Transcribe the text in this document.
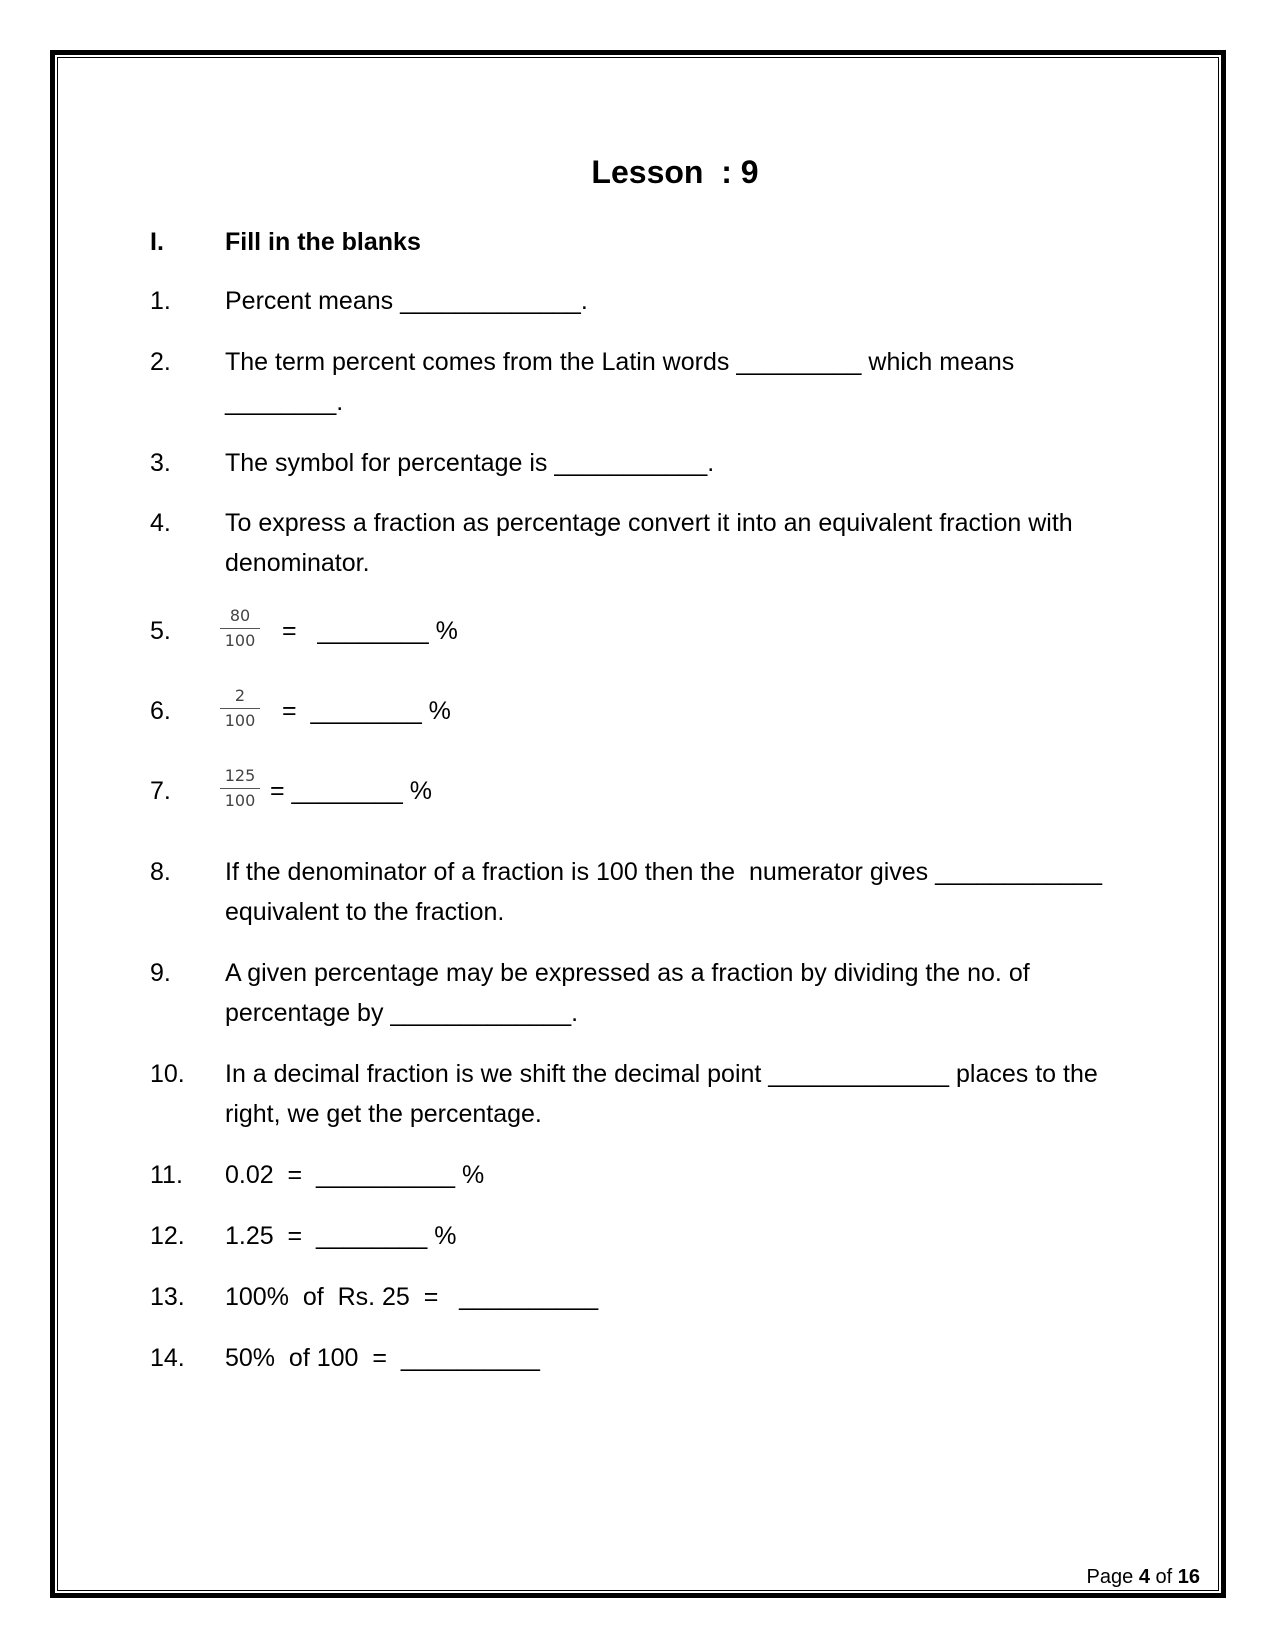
Lesson  : 9
I. Fill in the blanks
1. Percent means _____________.
2. The term percent comes from the Latin words _________ which means
________.
3. The symbol for percentage is ___________.
4. To express a fraction as percentage convert it into an equivalent fraction with
denominator.
5.
80
100 =   ________ %
6.
2
100 =  ________ %
7.
125
100 = ________ %
8. If the denominator of a fraction is 100 then the  numerator gives ____________
equivalent to the fraction.
9. A given percentage may be expressed as a fraction by dividing the no. of
percentage by _____________.
10. In a decimal fraction is we shift the decimal point _____________ places to the
right, we get the percentage.
11. 0.02  =  __________ %
12. 1.25  =  ________ %
13. 100%  of  Rs. 25  =   __________
14. 50%  of 100  =  __________
Page 4 of 16
